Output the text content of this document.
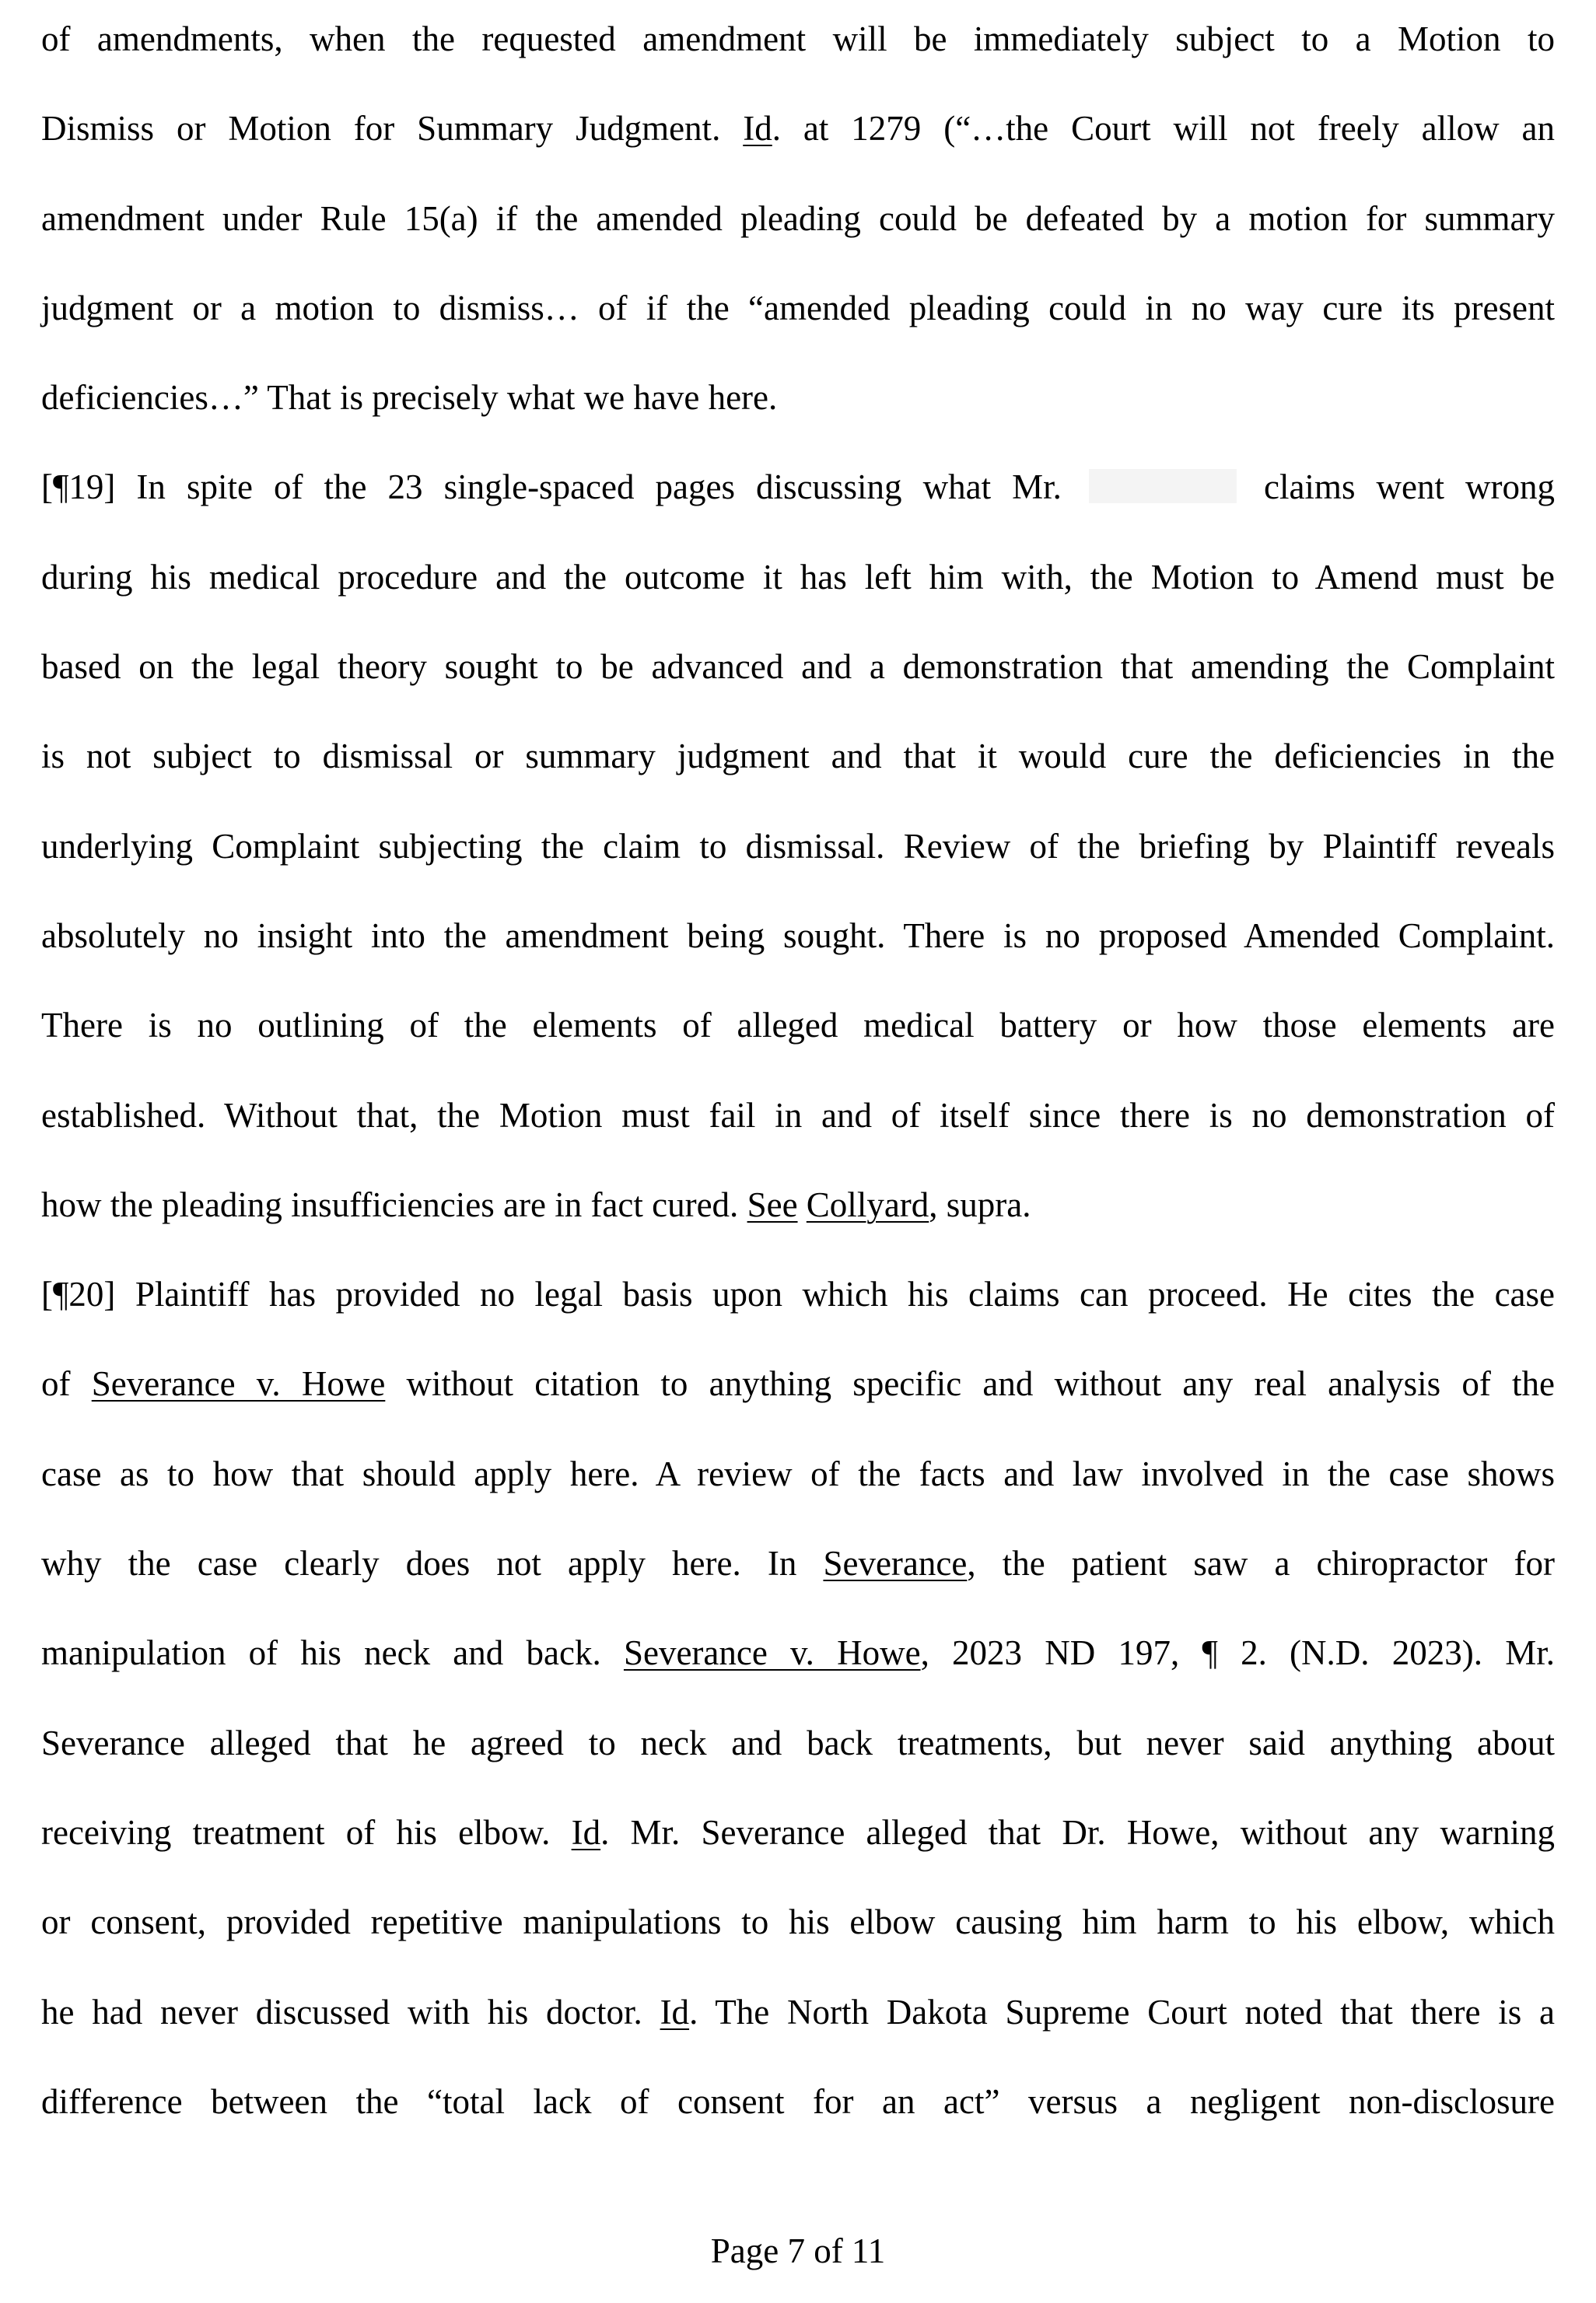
of amendments, when the requested amendment will be immediately subject to a Motion to
Dismiss or Motion for Summary Judgment. Id. at 1279 (“…the Court will not freely allow an
amendment under Rule 15(a) if the amended pleading could be defeated by a motion for summary
judgment or a motion to dismiss… of if the “amended pleading could in no way cure its present
deficiencies…” That is precisely what we have here.
[¶19] In spite of the 23 single-spaced pages discussing what Mr.	claims went wrong
during his medical procedure and the outcome it has left him with, the Motion to Amend must be
based on the legal theory sought to be advanced and a demonstration that amending the Complaint
is not subject to dismissal or summary judgment and that it would cure the deficiencies in the
underlying Complaint subjecting the claim to dismissal. Review of the briefing by Plaintiff reveals
absolutely no insight into the amendment being sought. There is no proposed Amended Complaint.
There is no outlining of the elements of alleged medical battery or how those elements are
established. Without that, the Motion must fail in and of itself since there is no demonstration of
how the pleading insufficiencies are in fact cured. See Collyard, supra.
[¶20] Plaintiff has provided no legal basis upon which his claims can proceed. He cites the case
of Severance v. Howe without citation to anything specific and without any real analysis of the
case as to how that should apply here. A review of the facts and law involved in the case shows
why the case clearly does not apply here. In Severance, the patient saw a chiropractor for
manipulation of his neck and back. Severance v. Howe, 2023 ND 197, ¶ 2. (N.D. 2023). Mr.
Severance alleged that he agreed to neck and back treatments, but never said anything about
receiving treatment of his elbow. Id. Mr. Severance alleged that Dr. Howe, without any warning
or consent, provided repetitive manipulations to his elbow causing him harm to his elbow, which
he had never discussed with his doctor. Id. The North Dakota Supreme Court noted that there is a
difference between the “total lack of consent for an act” versus a negligent non-disclosure
Page 7 of 11
